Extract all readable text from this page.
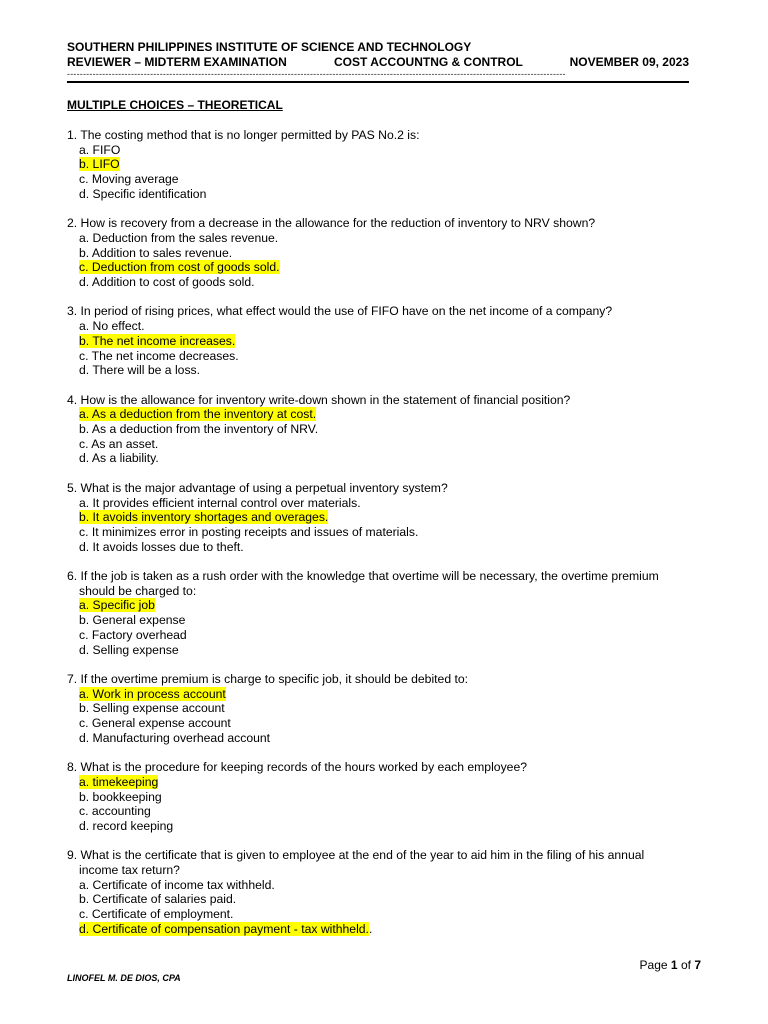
SOUTHERN PHILIPPINES INSTITUTE OF SCIENCE AND TECHNOLOGY
REVIEWER – MIDTERM EXAMINATION	COST ACCOUNTNG & CONTROL	NOVEMBER 09, 2023
------------------------------------------------------------------------------------------------------------------------------------------------------------
MULTIPLE CHOICES – THEORETICAL
1. The costing method that is no longer permitted by PAS No.2 is:
a. FIFO
b. LIFO
c. Moving average
d. Specific identification
2. How is recovery from a decrease in the allowance for the reduction of inventory to NRV shown?
a. Deduction from the sales revenue.
b. Addition to sales revenue.
c. Deduction from cost of goods sold.
d. Addition to cost of goods sold.
3. In period of rising prices, what effect would the use of FIFO have on the net income of a company?
a. No effect.
b. The net income increases.
c. The net income decreases.
d. There will be a loss.
4. How is the allowance for inventory write-down shown in the statement of financial position?
a. As a deduction from the inventory at cost.
b. As a deduction from the inventory of NRV.
c. As an asset.
d. As a liability.
5. What is the major advantage of using a perpetual inventory system?
a. It provides efficient internal control over materials.
b. It avoids inventory shortages and overages.
c. It minimizes error in posting receipts and issues of materials.
d. It avoids losses due to theft.
6. If the job is taken as a rush order with the knowledge that overtime will be necessary, the overtime premium
should be charged to:
a. Specific job
b. General expense
c. Factory overhead
d. Selling expense
7. If the overtime premium is charge to specific job, it should be debited to:
a. Work in process account
b. Selling expense account
c. General expense account
d. Manufacturing overhead account
8. What is the procedure for keeping records of the hours worked by each employee?
a. timekeeping
b. bookkeeping
c. accounting
d. record keeping
9. What is the certificate that is given to employee at the end of the year to aid him in the filing of his annual
income tax return?
a. Certificate of income tax withheld.
b. Certificate of salaries paid.
c. Certificate of employment.
d. Certificate of compensation payment - tax withheld..
Page 1 of 7
LINOFEL M. DE DIOS, CPA
